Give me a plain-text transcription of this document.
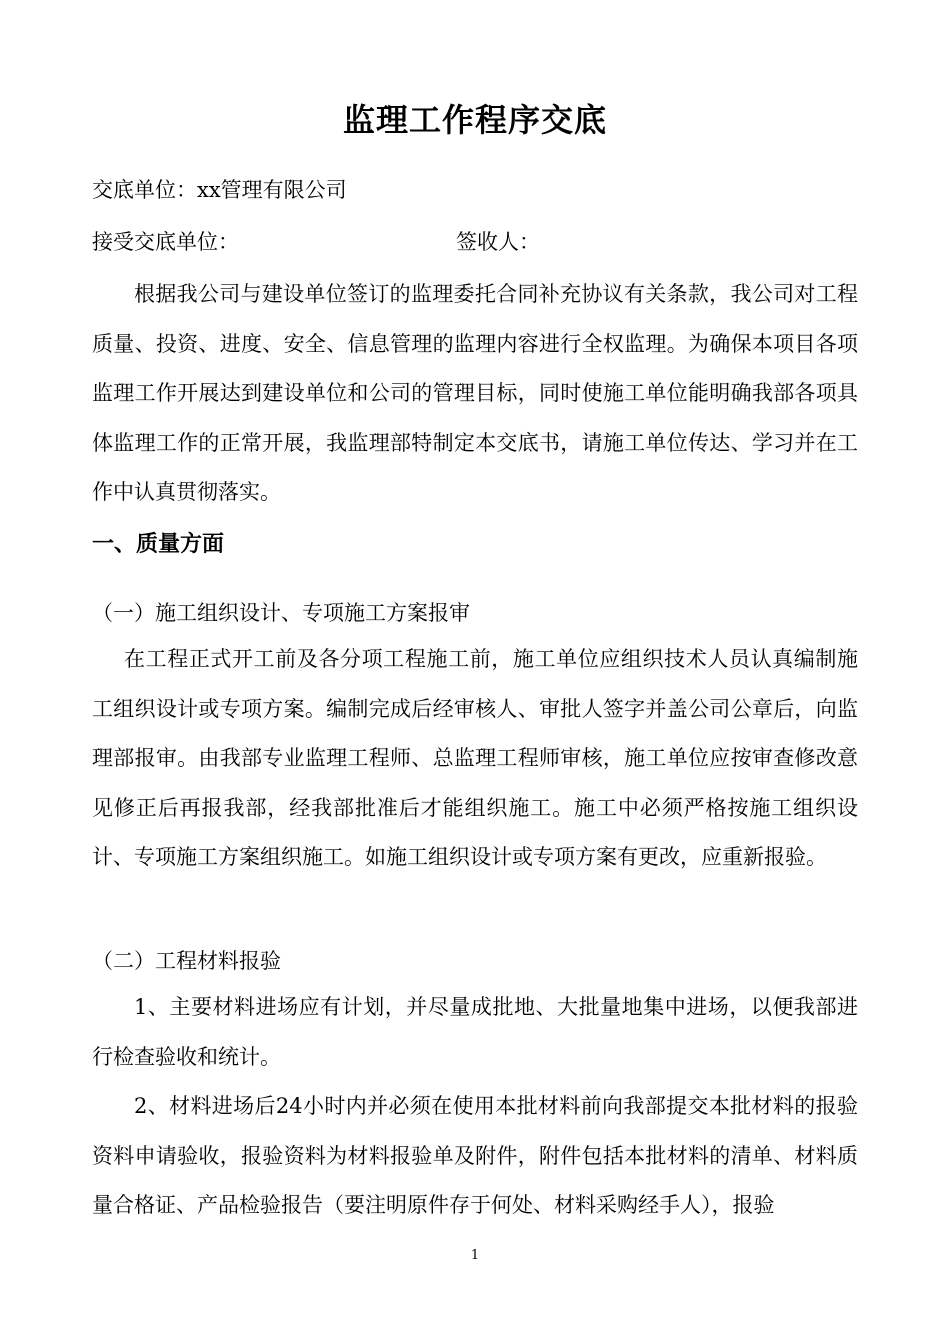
监理工作程序交底
交底单位：xx管理有限公司
接受交底单位：	签收人：

根据我公司与建设单位签订的监理委托合同补充协议有关条款，我公司对工程质量、投资、进度、安全、信息管理的监理内容进行全权监理。为确保本项目各项监理工作开展达到建设单位和公司的管理目标，同时使施工单位能明确我部各项具体监理工作的正常开展，我监理部特制定本交底书，请施工单位传达、学习并在工作中认真贯彻落实。

一、质量方面
（一）施工组织设计、专项施工方案报审

在工程正式开工前及各分项工程施工前，施工单位应组织技术人员认真编制施工组织设计或专项方案。编制完成后经审核人、审批人签字并盖公司公章后，向监理部报审。由我部专业监理工程师、总监理工程师审核，施工单位应按审查修改意见修正后再报我部，经我部批准后才能组织施工。施工中必须严格按施工组织设计、专项施工方案组织施工。如施工组织设计或专项方案有更改，应重新报验。

（二）工程材料报验

1、主要材料进场应有计划，并尽量成批地、大批量地集中进场，以便我部进行检查验收和统计。

2、材料进场后24小时内并必须在使用本批材料前向我部提交本批材料的报验资料申请验收，报验资料为材料报验单及附件，附件包括本批材料的清单、材料质量合格证、产品检验报告（要注明原件存于何处、材料采购经手人），报验

1
